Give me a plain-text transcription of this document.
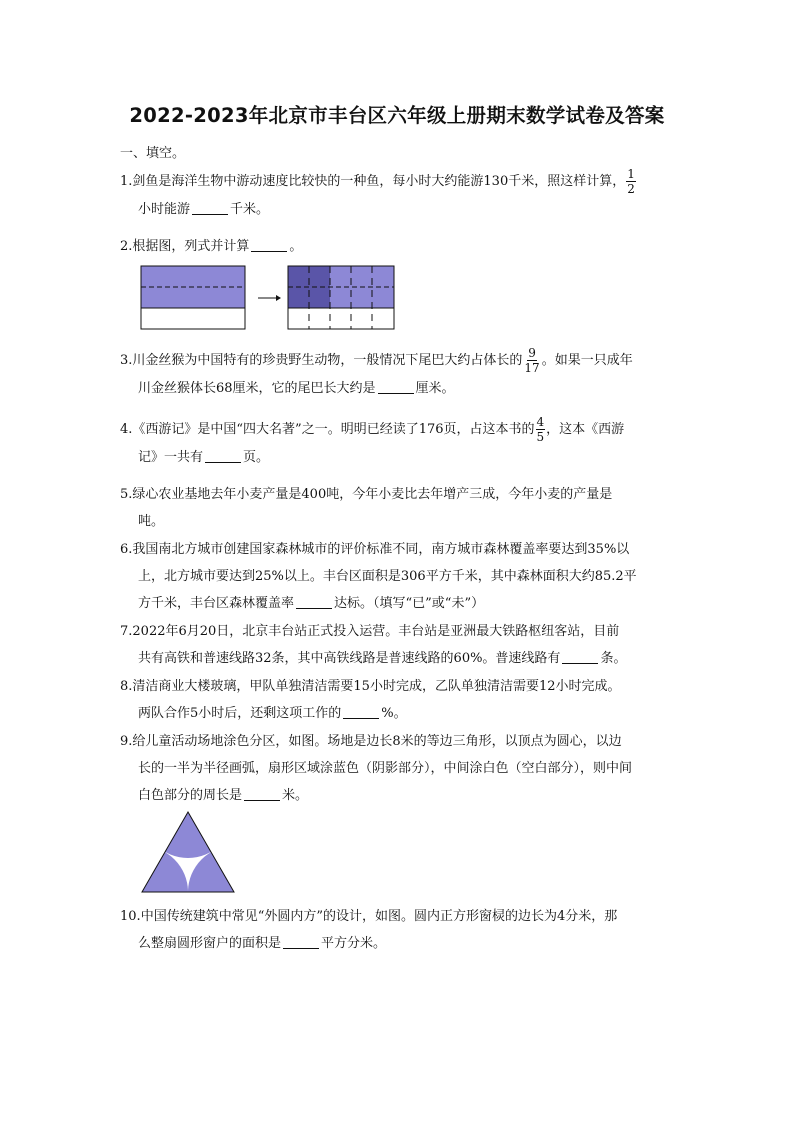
2022-2023年北京市丰台区六年级上册期末数学试卷及答案
一、填空。
1.剑鱼是海洋生物中游动速度比较快的一种鱼，每小时大约能游130千米，照这样计算， $\frac{1}{2}$
小时能游	千米。
2.根据图，列式并计算	。
3.川金丝猴为中国特有的珍贵野生动物，一般情况下尾巴大约占体长的 $\frac{9}{17}$ 。如果一只成年
川金丝猴体长68厘米，它的尾巴长大约是	厘米。
4.《西游记》是中国“四大名著”之一。明明已经读了176页，占这本书的 $\frac{4}{5}$ ，这本《西游
记》一共有	页。
5.绿心农业基地去年小麦产量是400吨，今年小麦比去年增产三成，今年小麦的产量是
吨。
6.我国南北方城市创建国家森林城市的评价标准不同，南方城市森林覆盖率要达到35%以
上，北方城市要达到25%以上。丰台区面积是306平方千米，其中森林面积大约85.2平
方千米，丰台区森林覆盖率	达标。（填写“已”或“未”）
7.2022年6月20日，北京丰台站正式投入运营。丰台站是亚洲最大铁路枢纽客站，目前
共有高铁和普速线路32条，其中高铁线路是普速线路的60%。普速线路有	条。
8.清洁商业大楼玻璃，甲队单独清洁需要15小时完成，乙队单独清洁需要12小时完成。
两队合作5小时后，还剩这项工作的	%。
9.给儿童活动场地涂色分区，如图。场地是边长8米的等边三角形，以顶点为圆心，以边
长的一半为半径画弧，扇形区域涂蓝色（阴影部分），中间涂白色（空白部分），则中间
白色部分的周长是	米。
10.中国传统建筑中常见“外圆内方”的设计，如图。圆内正方形窗棂的边长为4分米，那
么整扇圆形窗户的面积是	平方分米。
